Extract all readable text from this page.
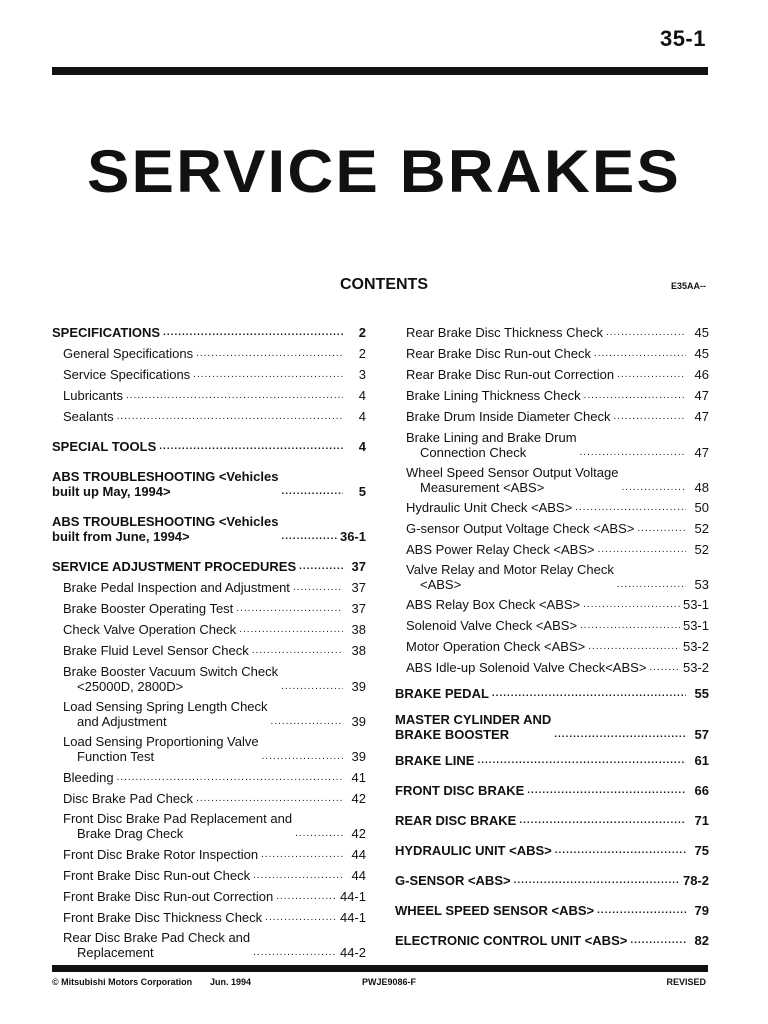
35-1
SERVICE BRAKES
CONTENTS	E35AA--
SPECIFICATIONS .....	2
General Specifications .....	2
Service Specifications .....	3
Lubricants .....	4
Sealants .....	4
SPECIAL TOOLS .....	4
ABS TROUBLESHOOTING <Vehicles
built up May, 1994> .....	5
ABS TROUBLESHOOTING <Vehicles
built from June, 1994> .....	36-1
SERVICE ADJUSTMENT PROCEDURES .....	37
Brake Pedal Inspection and Adjustment .....	37
Brake Booster Operating Test .....	37
Check Valve Operation Check .....	38
Brake Fluid Level Sensor Check .....	38
Brake Booster Vacuum Switch Check
<25000D, 2800D> .....	39
Load Sensing Spring Length Check
and Adjustment .....	39
Load Sensing Proportioning Valve
Function Test .....	39
Bleeding .....	41
Disc Brake Pad Check .....	42
Front Disc Brake Pad Replacement and
Brake Drag Check .....	42
Front Disc Brake Rotor Inspection .....	44
Front Brake Disc Run-out Check .....	44
Front Brake Disc Run-out Correction .....	44-1
Front Brake Disc Thickness Check .....	44-1
Rear Disc Brake Pad Check and
Replacement .....	44-2
Rear Brake Disc Thickness Check .....	45
Rear Brake Disc Run-out Check .....	45
Rear Brake Disc Run-out Correction .....	46
Brake Lining Thickness Check .....	47
Brake Drum Inside Diameter Check .....	47
Brake Lining and Brake Drum
Connection Check .....	47
Wheel Speed Sensor Output Voltage
Measurement <ABS> .....	48
Hydraulic Unit Check <ABS> .....	50
G-sensor Output Voltage Check <ABS> .....	52
ABS Power Relay Check <ABS> .....	52
Valve Relay and Motor Relay Check
<ABS> .....	53
ABS Relay Box Check <ABS> .....	53-1
Solenoid Valve Check <ABS> .....	53-1
Motor Operation Check <ABS> .....	53-2
ABS Idle-up Solenoid Valve Check<ABS> .....	53-2
BRAKE PEDAL .....	55
MASTER CYLINDER AND
BRAKE BOOSTER .....	57
BRAKE LINE .....	61
FRONT DISC BRAKE .....	66
REAR DISC BRAKE .....	71
HYDRAULIC UNIT <ABS> .....	75
G-SENSOR <ABS> .....	78-2
WHEEL SPEED SENSOR <ABS> .....	79
ELECTRONIC CONTROL UNIT <ABS> .....	82
© Mitsubishi Motors Corporation Jun. 1994	PWJE9086-F	REVISED
